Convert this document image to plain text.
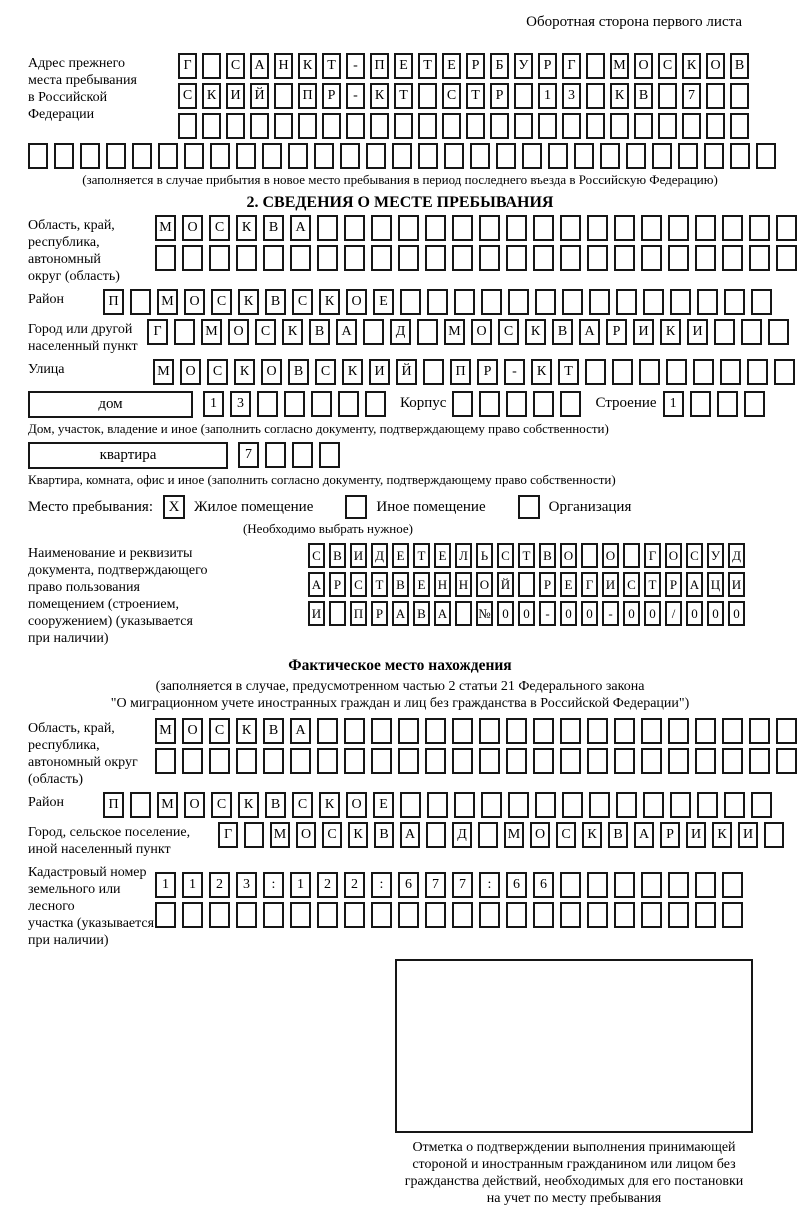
Оборотная сторона первого листа
Адрес прежнего
места пребывания
в Российской
Федерации
Г	С А Н К Т - П Е Т Е Р Б У Р Г	М О С К О В
С К И Й	П Р - К Т	С Т Р	1 3	К В	7
(заполняется в случае прибытия в новое место пребывания в период последнего въезда в Российскую Федерацию)
2. СВЕДЕНИЯ О МЕСТЕ ПРЕБЫВАНИЯ
Область, край,
республика,
автономный
округ (область)
М О С К В А
Район	П	М О С К В С К О Е
Город или другой
населенный пункт
Г	М О С К В А	Д	М О С К В А Р И К И
Улица	М О С К О В С К И Й	П Р - К Т
дом	1 3	Корпус	Строение 1
Дом, участок, владение и иное (заполнить согласно документу, подтверждающему право собственности)
квартира	7
Квартира, комната, офис и иное (заполнить согласно документу, подтверждающему право собственности)
Место пребывания:	X Жилое помещение	Иное помещение	Организация
(Необходимо выбрать нужное)
Наименование и реквизиты
документа, подтверждающего
право пользования
помещением (строением,
сооружением) (указывается
при наличии)
С В И Д Е Т Е Л Ь С Т В О	О	Г О С У Д
А Р С Т В Е Н Н О Й	Р Е Г И С Т Р А Ц И
И	П Р А В А № 0 0 - 0 0 - 0 0 / 0 0 0
Фактическое место нахождения
(заполняется в случае, предусмотренном частью 2 статьи 21 Федерального закона
"О миграционном учете иностранных граждан и лиц без гражданства в Российской Федерации")
Область, край,
республика,
автономный округ
(область)
М О С К В А
Район	П	М О С К В С К О Е
Город, сельское поселение,
иной населенный пункт
Г	М О С К В А	Д	М О С К В А Р И К И
Кадастровый номер
земельного или лесного
участка (указывается
при наличии)
1 1 2 3 : 1 2 2 : 6 7 7 : 6 6
Отметка о подтверждении выполнения принимающей
стороной и иностранным гражданином или лицом без
гражданства действий, необходимых для его постановки
на учет по месту пребывания
